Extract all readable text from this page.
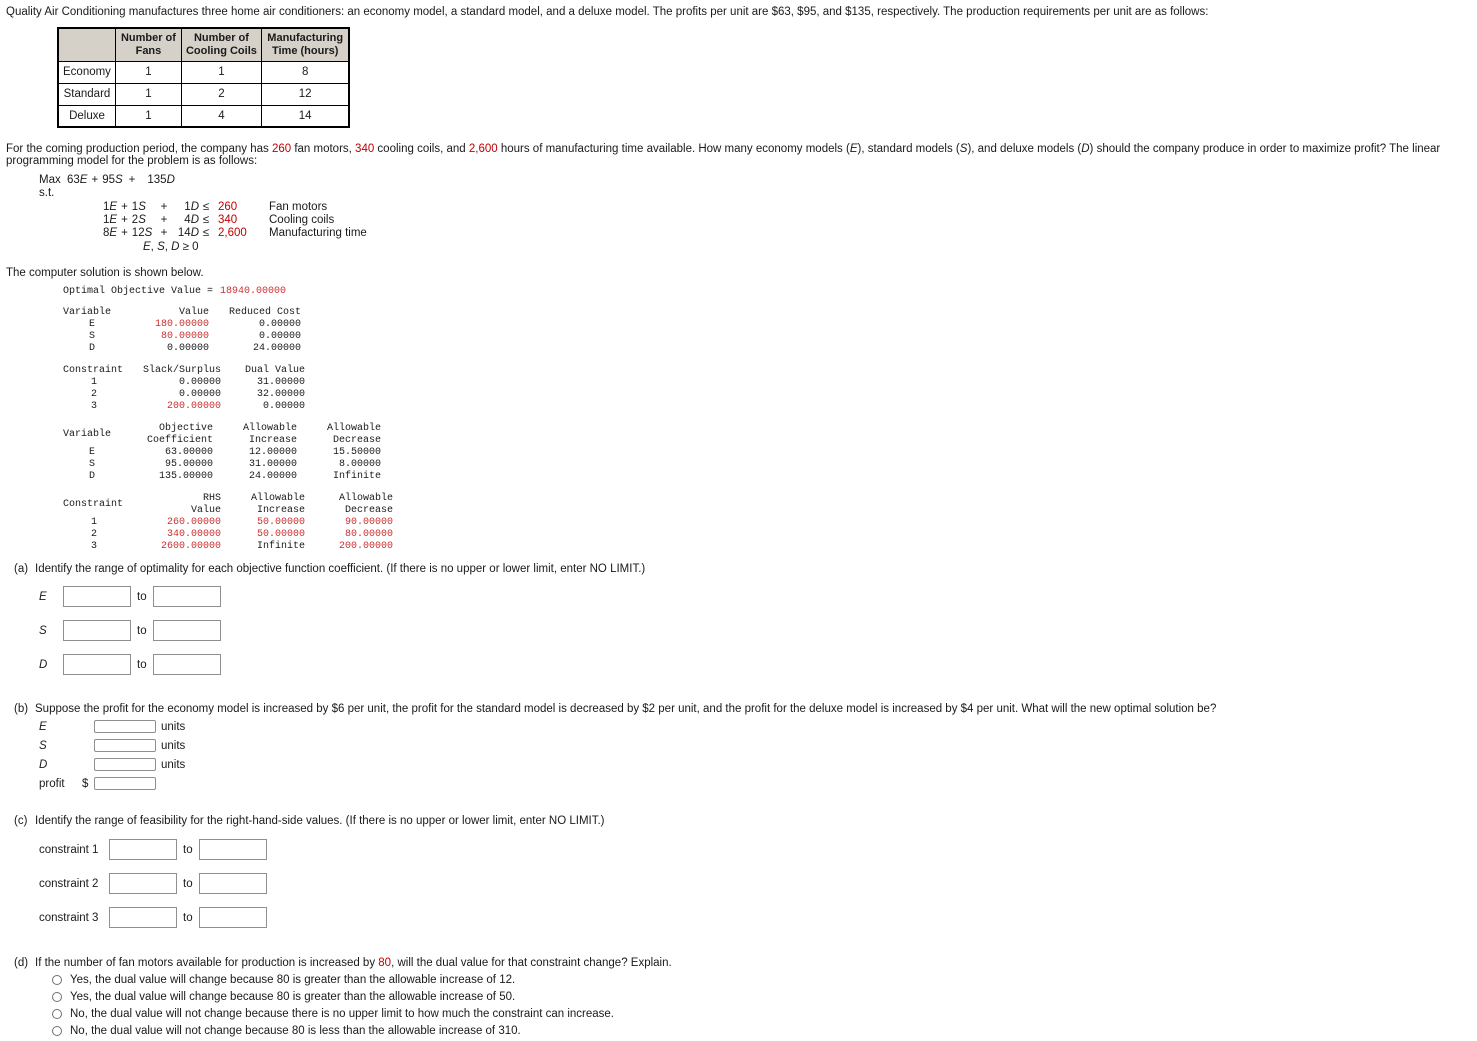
Quality Air Conditioning manufactures three home air conditioners: an economy model, a standard model, and a deluxe model. The profits per unit are $63, $95, and $135, respectively. The production requirements per unit are as follows:

	Number of Fans	Number of Cooling Coils	Manufacturing Time (hours)
Economy	1	1	8
Standard	1	2	12
Deluxe	1	4	14

For the coming production period, the company has 260 fan motors, 340 cooling coils, and 2,600 hours of manufacturing time available. How many economy models (E), standard models (S), and deluxe models (D) should the company produce in order to maximize profit? The linear programming model for the problem is as follows:

Max 63E + 95S + 135D
s.t.
1E + 1S	+	1D	≤	260	Fan motors
1E + 2S	+	4D	≤	340	Cooling coils
8E + 12S	+	14D	≤	2,600	Manufacturing time
E, S, D ≥ 0

The computer solution is shown below.

Optimal Objective Value = 18940.00000
Variable	Value	Reduced Cost
E	180.00000	0.00000
S	80.00000	0.00000
D	0.00000	24.00000
Constraint	Slack/Surplus	Dual Value
1	0.00000	31.00000
2	0.00000	32.00000
3	200.00000	0.00000
Variable	Objective	Allowable	Allowable
	Coefficient	Increase	Decrease
E	63.00000	12.00000	15.50000
S	95.00000	31.00000	8.00000
D	135.00000	24.00000	Infinite
Constraint	RHS	Allowable	Allowable
	Value	Increase	Decrease
1	260.00000	50.00000	90.00000
2	340.00000	50.00000	80.00000
3	2600.00000	Infinite	200.00000
(a) Identify the range of optimality for each objective function coefficient. (If there is no upper or lower limit, enter NO LIMIT.)
E	to
S	to
D	to
(b) Suppose the profit for the economy model is increased by $6 per unit, the profit for the standard model is decreased by $2 per unit, and the profit for the deluxe model is increased by $4 per unit. What will the new optimal solution be?
E	units
S	units
D	units
profit	$
(c) Identify the range of feasibility for the right-hand-side values. (If there is no upper or lower limit, enter NO LIMIT.)
constraint 1	to
constraint 2	to
constraint 3	to
(d) If the number of fan motors available for production is increased by 80, will the dual value for that constraint change? Explain.
Yes, the dual value will change because 80 is greater than the allowable increase of 12.
Yes, the dual value will change because 80 is greater than the allowable increase of 50.
No, the dual value will not change because there is no upper limit to how much the constraint can increase.
No, the dual value will not change because 80 is less than the allowable increase of 310.
